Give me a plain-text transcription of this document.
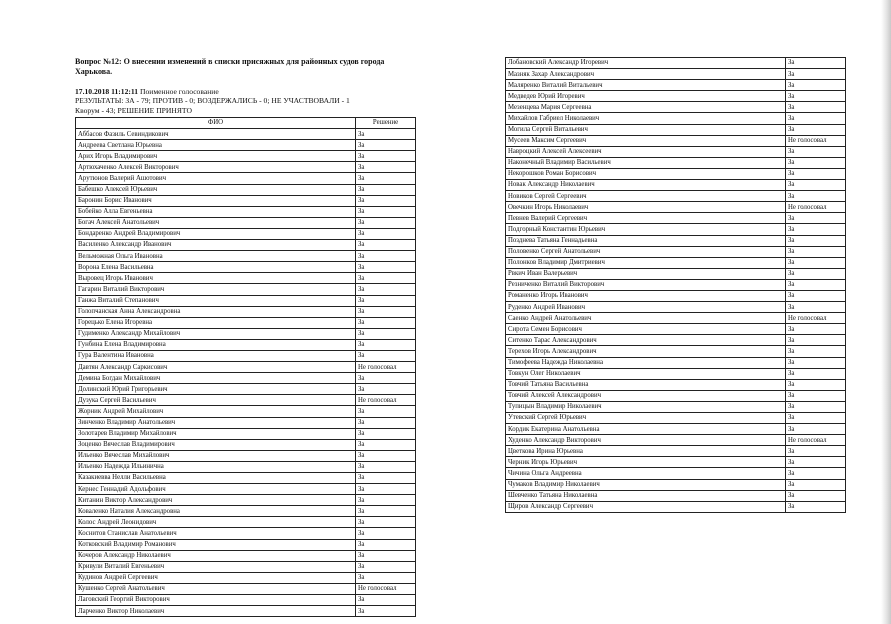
Вопрос №12: О внесении изменений в списки присяжных для районных судов города Харькова.
17.10.2018 11:12:11 Поименное голосование
РЕЗУЛЬТАТЫ: ЗА - 79; ПРОТИВ - 0; ВОЗДЕРЖАЛИСЬ - 0; НЕ УЧАСТВОВАЛИ - 1
Кворум - 43; РЕШЕНИЕ ПРИНЯТО
ФИО	Решение
Аббасов Фазиль Севиндикович	За
Андреева Светлана Юрьевна	За
Арих Игорь Владимирович	За
Артюхаченко Алексей Викторович	За
Арутюнов Валерий Ашотович	За
Бабешко Алексей Юрьевич	За
Баронин Борис Иванович	За
Бобейко Алла Евгеньевна	За
Богач Алексей Анатольевич	За
Бондаренко Андрей Владимирович	За
Василенко Александр Иванович	За
Вельможная Ольга Ивановна	За
Ворона Елена Васильевна	За
Выровец Игорь Иванович	За
Гагарин Виталий Викторович	За
Ганжа Виталий Степанович	За
Голопчанская Анна Александровна	За
Горецько Елена Игоревна	За
Гудименко Александр Михайлович	За
Гунбина Елена Владимировна	За
Гура Валентина Ивановна	За
Давтян Александр Саркисович	Не голосовал
Демина Богдан Михайлович	За
Долинский Юрий Григорьевич	За
Дузука Сергей Васильевич	Не голосовал
Жорник Андрей Михайлович	За
Зинченко Владимир Анатольевич	За
Золотарев Владимир Михайлович	За
Зоценко Вячеслав Владимирович	За
Ильенко Вячеслав Михайлович	За
Ильенко Надежда Ильинична	За
Казакиевва Нелли Васильевна	За
Кернес Геннадий Адольфович	За
Китанин Виктор Александрович	За
Коваленко Наталия Александровна	За
Колос Андрей Леонидович	За
Коснитов Станислав Анатольевич	За
Котковский Владимир Романович	За
Кочеров Александр Николаевич	За
Кривули Виталий Евгеньевич	За
Кудинов Андрей Сергеевич	За
Кушенко Сергей Анатольевич	Не голосовал
Лаговский Георгий Викторович	За
Ларченко Виктор Николаевич	За
Лобановский Александр Игоревич	За
Мазняк Захар Александрович	За
Маляренко Виталий Витальевич	За
Медведев Юрий Игоревич	За
Мезенцева Мария Сергеевна	За
Михайлов Габриел Николаевич	За
Могила Сергей Витальевич	За
Мусеев Максим Сергеевич	Не голосовал
Навроцкий Алексей Алексеевич	За
Наконечный Владимир Васильевич	За
Некорошков Роман Борисович	За
Новак Александр Николаевич	За
Новиков Сергей Сергеевич	За
Овечкин Игорь Николаевич	Не голосовал
Певнев Валерий Сергеевич	За
Подгорный Константин Юрьевич	За
Позднева Татьяна Геннадьевна	За
Половенко Сергей Анатольевич	За
Полонков Владимир Дмитриевич	За
Рвкич Иван Валерьевич	За
Резниченко Виталий Викторович	За
Романенко Игорь Иванович	За
Руденко Андрей Иванович	За
Саенко Андрей Анатольевич	Не голосовал
Сирота Семен Борисович	За
Ситенко Тарас Александрович	За
Терехов Игорь Александрович	За
Тимофеева Надежда Николаевна	За
Товкун Олег Николаевич	За
Товчий Татьяна Васильевна	За
Товчий Алексей Александрович	За
Тупицын Владимир Николаевич	За
Утевский Сергей Юрьевич	За
Кордик Екатерина Анатольевна	За
Худенко Александр Викторович	Не голосовал
Цветкова Ирина Юрьевна	За
Черник Игорь Юрьевич	За
Чичина Ольга Андреевна	За
Чумаков Владимир Николаевич	За
Шевченко Татьяна Николаевна	За
Щиров Александр Сергеевич	За
